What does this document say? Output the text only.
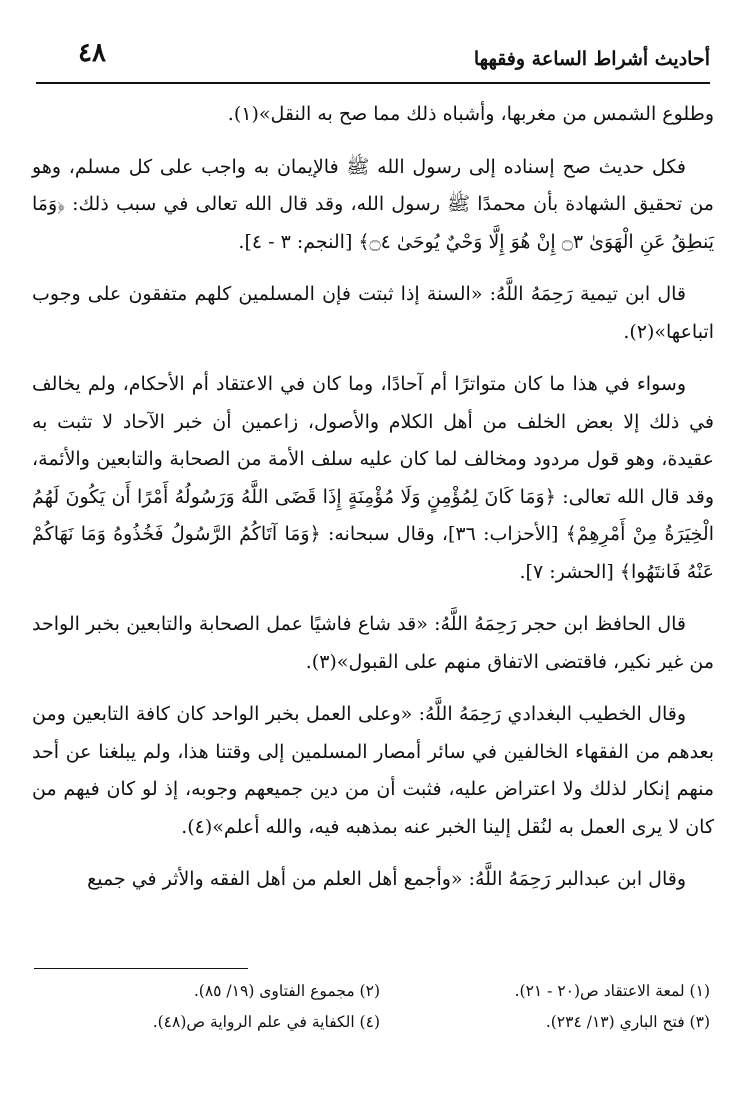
أحاديث أشراط الساعة وفقهها
٤٨

وطلوع الشمس من مغربها، وأشباه ذلك مما صح به النقل»(١).

فكل حديث صح إسناده إلى رسول الله ﷺ فالإيمان به واجب على كل مسلم، وهو من تحقيق الشهادة بأن محمدًا ﷺ رسول الله، وقد قال الله تعالى في سبب ذلك: ﴿وَمَا يَنطِقُ عَنِ الْهَوَىٰ ۝٣ إِنْ هُوَ إِلَّا وَحْيٌ يُوحَىٰ ۝٤﴾ [النجم: ٣ - ٤].

قال ابن تيمية رَحِمَهُ اللَّهُ: «السنة إذا ثبتت فإن المسلمين كلهم متفقون على وجوب اتباعها»(٢).

وسواء في هذا ما كان متواترًا أم آحادًا، وما كان في الاعتقاد أم الأحكام، ولم يخالف في ذلك إلا بعض الخلف من أهل الكلام والأصول، زاعمين أن خبر الآحاد لا تثبت به عقيدة، وهو قول مردود ومخالف لما كان عليه سلف الأمة من الصحابة والتابعين والأئمة، وقد قال الله تعالى: ﴿وَمَا كَانَ لِمُؤْمِنٍ وَلَا مُؤْمِنَةٍ إِذَا قَضَى اللَّهُ وَرَسُولُهُ أَمْرًا أَن يَكُونَ لَهُمُ الْخِيَرَةُ مِنْ أَمْرِهِمْ﴾ [الأحزاب: ٣٦]، وقال سبحانه: ﴿وَمَا آتَاكُمُ الرَّسُولُ فَخُذُوهُ وَمَا نَهَاكُمْ عَنْهُ فَانتَهُوا﴾ [الحشر: ٧].

قال الحافظ ابن حجر رَحِمَهُ اللَّهُ: «قد شاع فاشيًا عمل الصحابة والتابعين بخبر الواحد من غير نكير، فاقتضى الاتفاق منهم على القبول»(٣).

وقال الخطيب البغدادي رَحِمَهُ اللَّهُ: «وعلى العمل بخبر الواحد كان كافة التابعين ومن بعدهم من الفقهاء الخالفين في سائر أمصار المسلمين إلى وقتنا هذا، ولم يبلغنا عن أحد منهم إنكار لذلك ولا اعتراض عليه، فثبت أن من دين جميعهم وجوبه، إذ لو كان فيهم من كان لا يرى العمل به لنُقل إلينا الخبر عنه بمذهبه فيه، والله أعلم»(٤).

وقال ابن عبدالبر رَحِمَهُ اللَّهُ: «وأجمع أهل العلم من أهل الفقه والأثر في جميع

(١) لمعة الاعتقاد ص(٢٠ - ٢١).
(٢) مجموع الفتاوى (١٩/ ٨٥).
(٣) فتح الباري (١٣/ ٢٣٤).
(٤) الكفاية في علم الرواية ص(٤٨).
